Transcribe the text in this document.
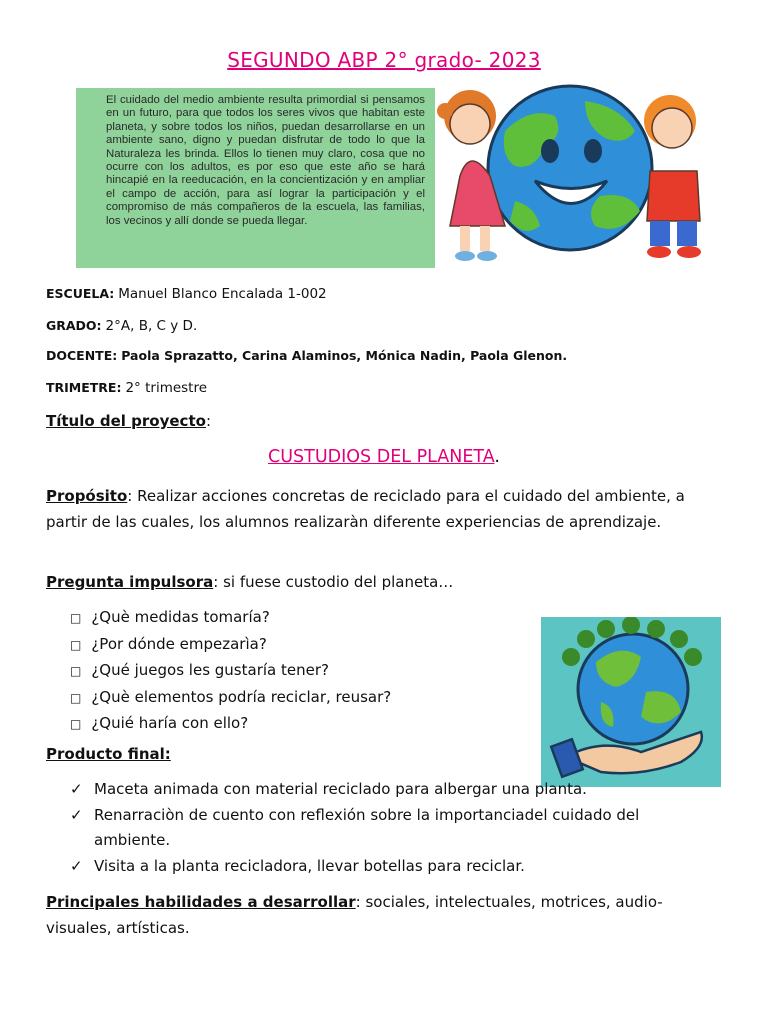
SEGUNDO ABP 2° grado- 2023

El cuidado del medio ambiente resulta primordial si pensamos en un futuro, para que todos los seres vivos que habitan este planeta, y sobre todos los niños, puedan desarrollarse en un ambiente sano, digno y puedan disfrutar de todo lo que la Naturaleza les brinda. Ellos lo tienen muy claro, cosa que no ocurre con los adultos, es por eso que este año se hará hincapié en la reeducación, en la concientización y en ampliar el campo de acción, para así lograr la participación y el compromiso de más compañeros de la escuela, las familias, los vecinos y allí donde se pueda llegar.

ESCUELA: Manuel Blanco Encalada 1-002
GRADO: 2°A, B, C y D.
DOCENTE: Paola Sprazatto, Carina Alaminos, Mónica Nadin, Paola Glenon.
TRIMETRE: 2° trimestre
Título del proyecto:
CUSTUDIOS DEL PLANETA.
Propósito: Realizar acciones concretas de reciclado para el cuidado del ambiente, a partir de las cuales, los alumnos realizaràn diferente experiencias de aprendizaje.
Pregunta impulsora: si fuese custodio del planeta…
□ ¿Què medidas tomaría?
□ ¿Por dónde empezarìa?
□ ¿Qué juegos les gustaría tener?
□ ¿Què elementos podría reciclar, reusar?
□ ¿Quié haría con ello?
Producto final:
✓ Maceta animada con material reciclado para albergar una planta.
✓ Renarraciòn de cuento con reflexión sobre la importanciadel cuidado del ambiente.
✓ Visita a la planta recicladora, llevar botellas para reciclar.
Principales habilidades a desarrollar: sociales, intelectuales, motrices, audio-visuales, artísticas.
